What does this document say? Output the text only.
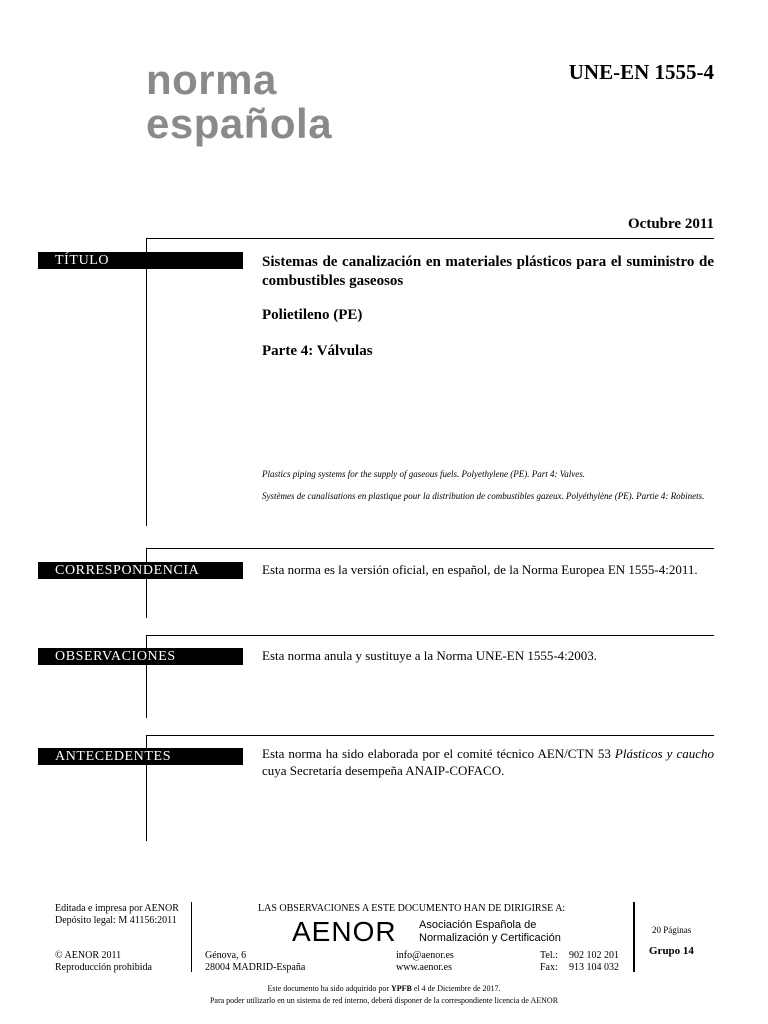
norma
española
UNE-EN 1555-4
Octubre 2011
TÍTULO	Sistemas de canalización en materiales plásticos para el suministro de combustibles gaseosos
Polietileno (PE)
Parte 4: Válvulas
Plastics piping systems for the supply of gaseous fuels. Polyethylene (PE). Part 4: Valves.
Systèmes de canalisations en plastique pour la distribution de combustibles gazeux. Polyéthylène (PE). Partie 4: Robinets.
CORRESPONDENCIA	Esta norma es la versión oficial, en español, de la Norma Europea EN 1555-4:2011.
OBSERVACIONES	Esta norma anula y sustituye a la Norma UNE-EN 1555-4:2003.
ANTECEDENTES	Esta norma ha sido elaborada por el comité técnico AEN/CTN 53 Plásticos y caucho cuya Secretaría desempeña ANAIP-COFACO.
Editada e impresa por AENOR
Depósito legal: M 41156:2011
© AENOR 2011
Reproducción prohibida
LAS OBSERVACIONES A ESTE DOCUMENTO HAN DE DIRIGIRSE A:
AENOR Asociación Española de
Normalización y Certificación
Génova, 6
28004 MADRID-España
info@aenor.es
www.aenor.es
Tel.: 902 102 201
Fax: 913 104 032
20 Páginas
Grupo 14
Este documento ha sido adquirido por YPFB el 4 de Diciembre de 2017.
Para poder utilizarlo en un sistema de red interno, deberá disponer de la correspondiente licencia de AENOR
